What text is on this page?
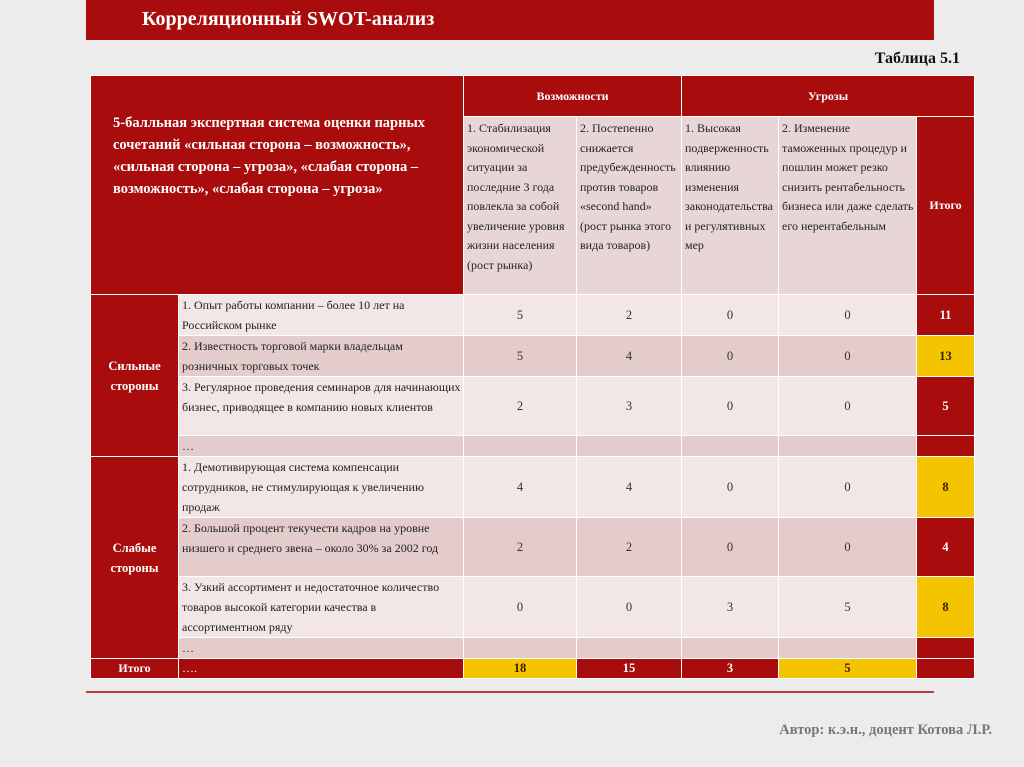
Корреляционный SWOT-анализ
Таблица 5.1
5-балльная экспертная система оценки парных сочетаний «сильная сторона – возможность», «сильная сторона – угроза», «слабая сторона – возможность», «слабая сторона – угроза»		Возможности		Угрозы		
		1. Стабилизация экономической ситуации за последние 3 года повлекла за собой увеличение уровня жизни населения (рост рынка)	2. Постепенно снижается предубежденность против товаров «second hand» (рост рынка этого вида товаров)	1. Высокая подверженность влиянию изменения законодательства и регулятивных мер	2. Изменение таможенных процедур и пошлин может резко снизить рентабельность бизнеса или даже сделать его нерентабельным	Итого
Сильные стороны	1. Опыт работы компании – более 10 лет на Российском рынке	5	2	0	0	11
	2. Известность торговой марки владельцам розничных торговых точек	5	4	0	0	13
	3. Регулярное проведения семинаров для начинающих бизнес, приводящее в компанию новых клиентов	2	3	0	0	5
	…					
Слабые стороны	1. Демотивирующая система компенсации сотрудников, не стимулирующая к увеличению продаж	4	4	0	0	8
	2. Большой процент текучести кадров на уровне низшего и среднего звена – около 30% за 2002 год	2	2	0	0	4
	3. Узкий ассортимент и недостаточное количество товаров высокой категории качества в ассортиментном ряду	0	0	3	5	8
	…					
Итого	….	18	15	3	5	
Автор: к.э.н., доцент Котова Л.Р.
